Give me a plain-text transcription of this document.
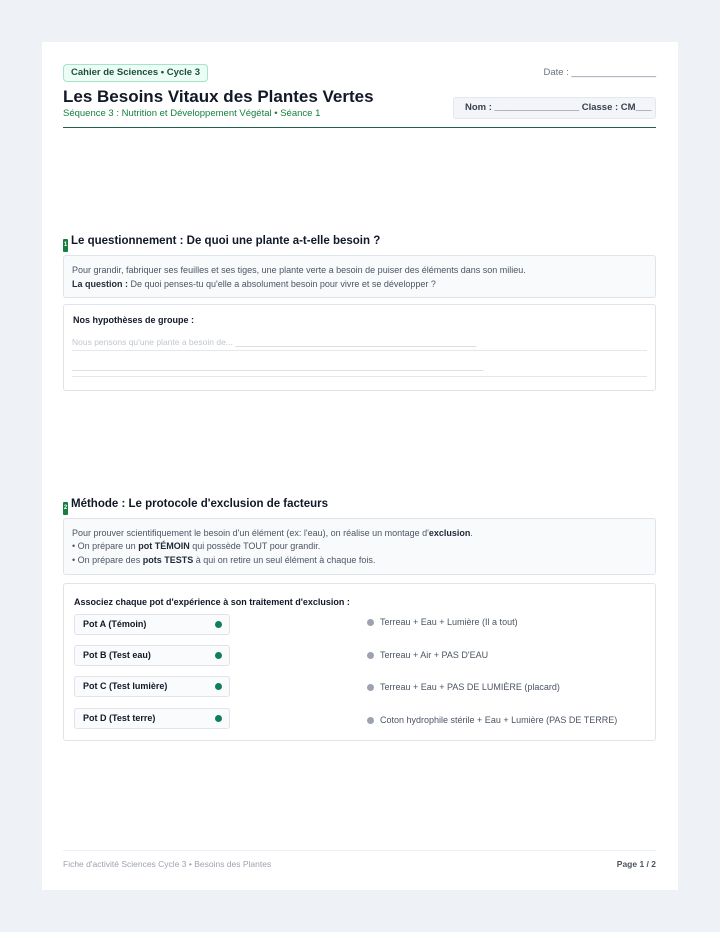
Cahier de Sciences • Cycle 3
Les Besoins Vitaux des Plantes Vertes
Séquence 3 : Nutrition et Développement Végétal • Séance 1
Date : ________________
Nom : ________________ Classe : CM___
1 Le questionnement : De quoi une plante a-t-elle besoin ?
Pour grandir, fabriquer ses feuilles et ses tiges, une plante verte a besoin de puiser des éléments dans son milieu.
La question : De quoi penses-tu qu'elle a absolument besoin pour vivre et se développer ?
Nos hypothèses de groupe :
Nous pensons qu'une plante a besoin de... ___________________________________________________
_______________________________________________________________________________________
2 Méthode : Le protocole d'exclusion de facteurs
Pour prouver scientifiquement le besoin d'un élément (ex: l'eau), on réalise un montage d'exclusion.
• On prépare un pot TÉMOIN qui possède TOUT pour grandir.
• On prépare des pots TESTS à qui on retire un seul élément à chaque fois.
Associez chaque pot d'expérience à son traitement d'exclusion :
Pot A (Témoin)
Pot B (Test eau)
Pot C (Test lumière)
Pot D (Test terre)
Terreau + Eau + Lumière (Il a tout)
Terreau + Air + PAS D'EAU
Terreau + Eau + PAS DE LUMIÈRE (placard)
Coton hydrophile stérile + Eau + Lumière (PAS DE TERRE)
Fiche d'activité Sciences Cycle 3 • Besoins des Plantes	Page 1 / 2
